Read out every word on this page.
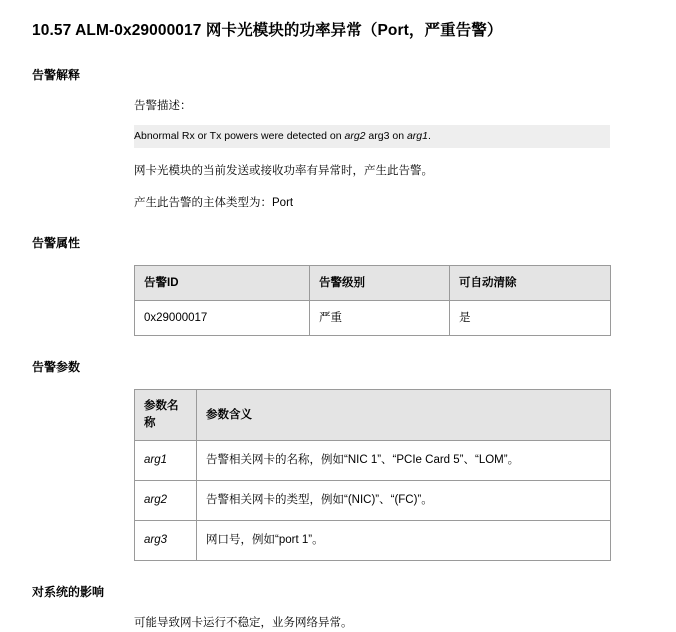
10.57 ALM-0x29000017 网卡光模块的功率异常（Port，严重告警）
告警解释
告警描述：
Abnormal Rx or Tx powers were detected on arg2 arg3 on arg1.
网卡光模块的当前发送或接收功率有异常时，产生此告警。
产生此告警的主体类型为：Port
告警属性
告警ID	告警级别	可自动清除
0x29000017	严重	是
告警参数
参数名称	参数含义
arg1	告警相关网卡的名称，例如“NIC 1”、“PCIe Card 5”、“LOM”。
arg2	告警相关网卡的类型，例如“(NIC)”、“(FC)”。
arg3	网口号，例如“port 1”。
对系统的影响
可能导致网卡运行不稳定，业务网络异常。
